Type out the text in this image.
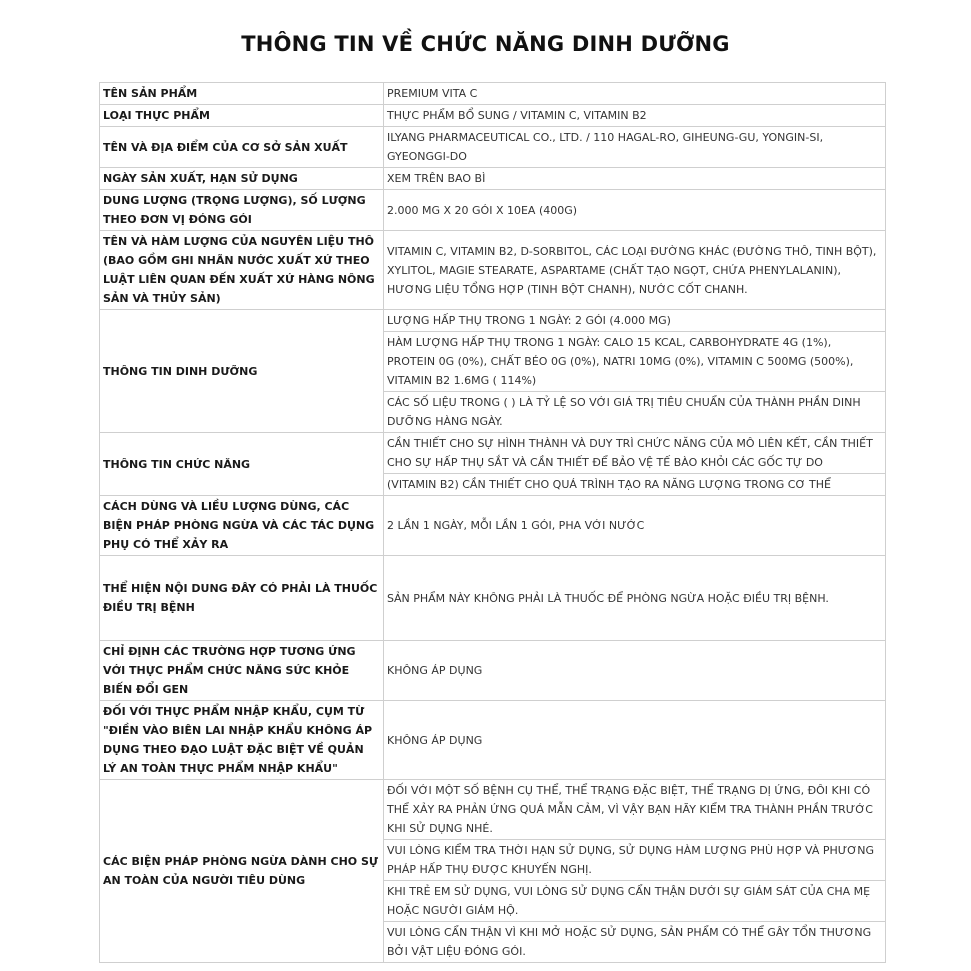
THÔNG TIN VỀ CHỨC NĂNG DINH DƯỠNG
TÊN SẢN PHẨM	PREMIUM VITA C
LOẠI THỰC PHẨM	THỰC PHẨM BỔ SUNG / VITAMIN C, VITAMIN B2
TÊN VÀ ĐỊA ĐIỂM CỦA CƠ SỞ SẢN XUẤT	ILYANG PHARMACEUTICAL CO., LTD. / 110 HAGAL-RO, GIHEUNG-GU, YONGIN-SI, GYEONGGI-DO
NGÀY SẢN XUẤT, HẠN SỬ DỤNG	XEM TRÊN BAO BÌ
DUNG LƯỢNG (TRỌNG LƯỢNG), SỐ LƯỢNG THEO ĐƠN VỊ ĐÓNG GÓI	2.000 MG X 20 GÓI X 10EA (400G)
TÊN VÀ HÀM LƯỢNG CỦA NGUYÊN LIỆU THÔ (BAO GỒM GHI NHÃN NƯỚC XUẤT XỨ THEO LUẬT LIÊN QUAN ĐẾN XUẤT XỨ HÀNG NÔNG SẢN VÀ THỦY SẢN)	VITAMIN C, VITAMIN B2, D-SORBITOL, CÁC LOẠI ĐƯỜNG KHÁC (ĐƯỜNG THÔ, TINH BỘT), XYLITOL, MAGIE STEARATE, ASPARTAME (CHẤT TẠO NGỌT, CHỨA PHENYLALANIN), HƯƠNG LIỆU TỔNG HỢP (TINH BỘT CHANH), NƯỚC CỐT CHANH.
THÔNG TIN DINH DƯỠNG	LƯỢNG HẤP THỤ TRONG 1 NGÀY: 2 GÓI (4.000 MG)
	HÀM LƯỢNG HẤP THỤ TRONG 1 NGÀY: CALO 15 KCAL, CARBOHYDRATE 4G (1%), PROTEIN 0G (0%), CHẤT BÉO 0G (0%), NATRI 10MG (0%), VITAMIN C 500MG (500%), VITAMIN B2 1.6MG ( 114%)
	CÁC SỐ LIỆU TRONG ( ) LÀ TỶ LỆ SO VỚI GIÁ TRỊ TIÊU CHUẨN CỦA THÀNH PHẦN DINH DƯỠNG HÀNG NGÀY.
THÔNG TIN CHỨC NĂNG	CẦN THIẾT CHO SỰ HÌNH THÀNH VÀ DUY TRÌ CHỨC NĂNG CỦA MÔ LIÊN KẾT, CẦN THIẾT CHO SỰ HẤP THỤ SẮT VÀ CẦN THIẾT ĐỂ BẢO VỆ TẾ BÀO KHỎI CÁC GỐC TỰ DO
	(VITAMIN B2) CẦN THIẾT CHO QUÁ TRÌNH TẠO RA NĂNG LƯỢNG TRONG CƠ THỂ
CÁCH DÙNG VÀ LIỀU LƯỢNG DÙNG, CÁC BIỆN PHÁP PHÒNG NGỪA VÀ CÁC TÁC DỤNG PHỤ CÓ THỂ XẢY RA	2 LẦN 1 NGÀY, MỖI LẦN 1 GÓI, PHA VỚI NƯỚC
THỂ HIỆN NỘI DUNG ĐÂY CÓ PHẢI LÀ THUỐC ĐIỀU TRỊ BỆNH	SẢN PHẨM NÀY KHÔNG PHẢI LÀ THUỐC ĐỂ PHÒNG NGỪA HOẶC ĐIỀU TRỊ BỆNH.
CHỈ ĐỊNH CÁC TRƯỜNG HỢP TƯƠNG ỨNG VỚI THỰC PHẨM CHỨC NĂNG SỨC KHỎE BIẾN ĐỔI GEN	KHÔNG ÁP DỤNG
ĐỐI VỚI THỰC PHẨM NHẬP KHẨU, CỤM TỪ "ĐIỀN VÀO BIÊN LAI NHẬP KHẨU KHÔNG ÁP DỤNG THEO ĐẠO LUẬT ĐẶC BIỆT VỀ QUẢN LÝ AN TOÀN THỰC PHẨM NHẬP KHẨU"	KHÔNG ÁP DỤNG
CÁC BIỆN PHÁP PHÒNG NGỪA DÀNH CHO SỰ AN TOÀN CỦA NGƯỜI TIÊU DÙNG	ĐỐI VỚI MỘT SỐ BỆNH CỤ THỂ, THỂ TRẠNG ĐẶC BIỆT, THỂ TRẠNG DỊ ỨNG, ĐÔI KHI CÓ THỂ XẢY RA PHẢN ỨNG QUÁ MẪN CẢM, VÌ VẬY BẠN HÃY KIỂM TRA THÀNH PHẦN TRƯỚC KHI SỬ DỤNG NHÉ.
	VUI LÒNG KIỂM TRA THỜI HẠN SỬ DỤNG, SỬ DỤNG HÀM LƯỢNG PHÙ HỢP VÀ PHƯƠNG PHÁP HẤP THỤ ĐƯỢC KHUYẾN NGHỊ.
	KHI TRẺ EM SỬ DỤNG, VUI LÒNG SỬ DỤNG CẨN THẬN DƯỚI SỰ GIÁM SÁT CỦA CHA MẸ HOẶC NGƯỜI GIÁM HỘ.
	VUI LÒNG CẨN THẬN VÌ KHI MỞ HOẶC SỬ DỤNG, SẢN PHẨM CÓ THỂ GÂY TỔN THƯƠNG BỞI VẬT LIỆU ĐÓNG GÓI.
